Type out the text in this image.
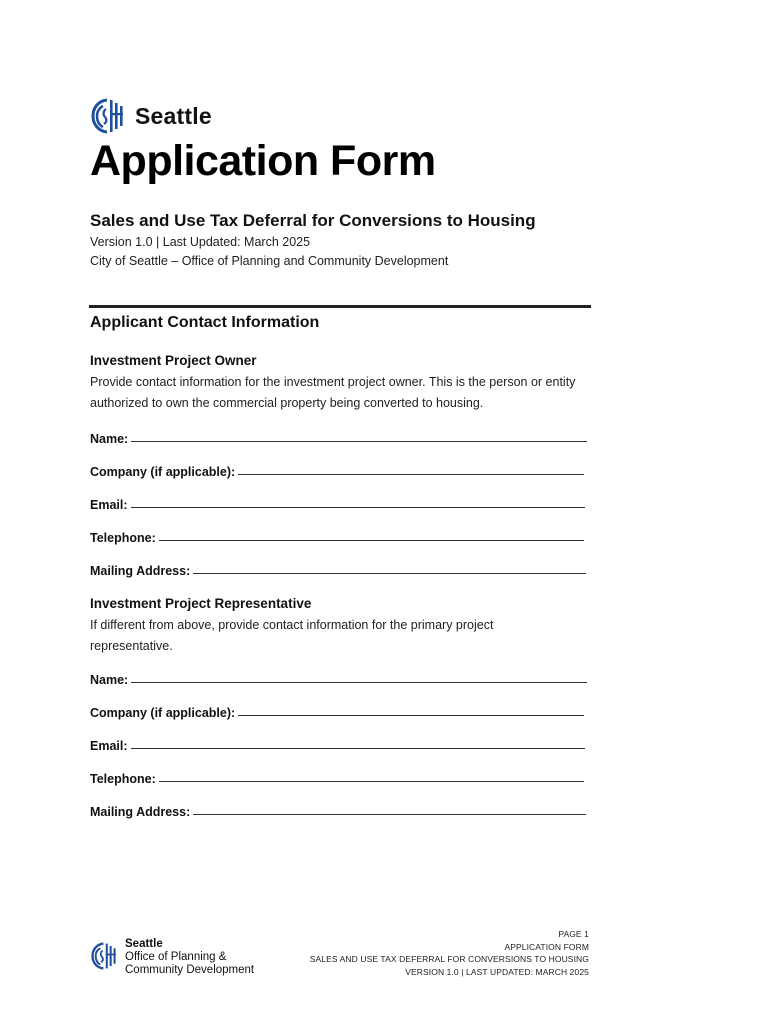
Seattle
Application Form
Sales and Use Tax Deferral for Conversions to Housing
Version 1.0 | Last Updated: March 2025
City of Seattle – Office of Planning and Community Development
Applicant Contact Information
Investment Project Owner

Provide contact information for the investment project owner. This is the person or entity authorized to own the commercial property being converted to housing.

Name:
Company (if applicable):
Email:
Telephone:
Mailing Address:
Investment Project Representative

If different from above, provide contact information for the primary project representative.

Name:
Company (if applicable):
Email:
Telephone:
Mailing Address:
Seattle
Office of Planning &
Community Development
PAGE 1
APPLICATION FORM
SALES AND USE TAX DEFERRAL FOR CONVERSIONS TO HOUSING
VERSION 1.0 | LAST UPDATED: MARCH 2025
